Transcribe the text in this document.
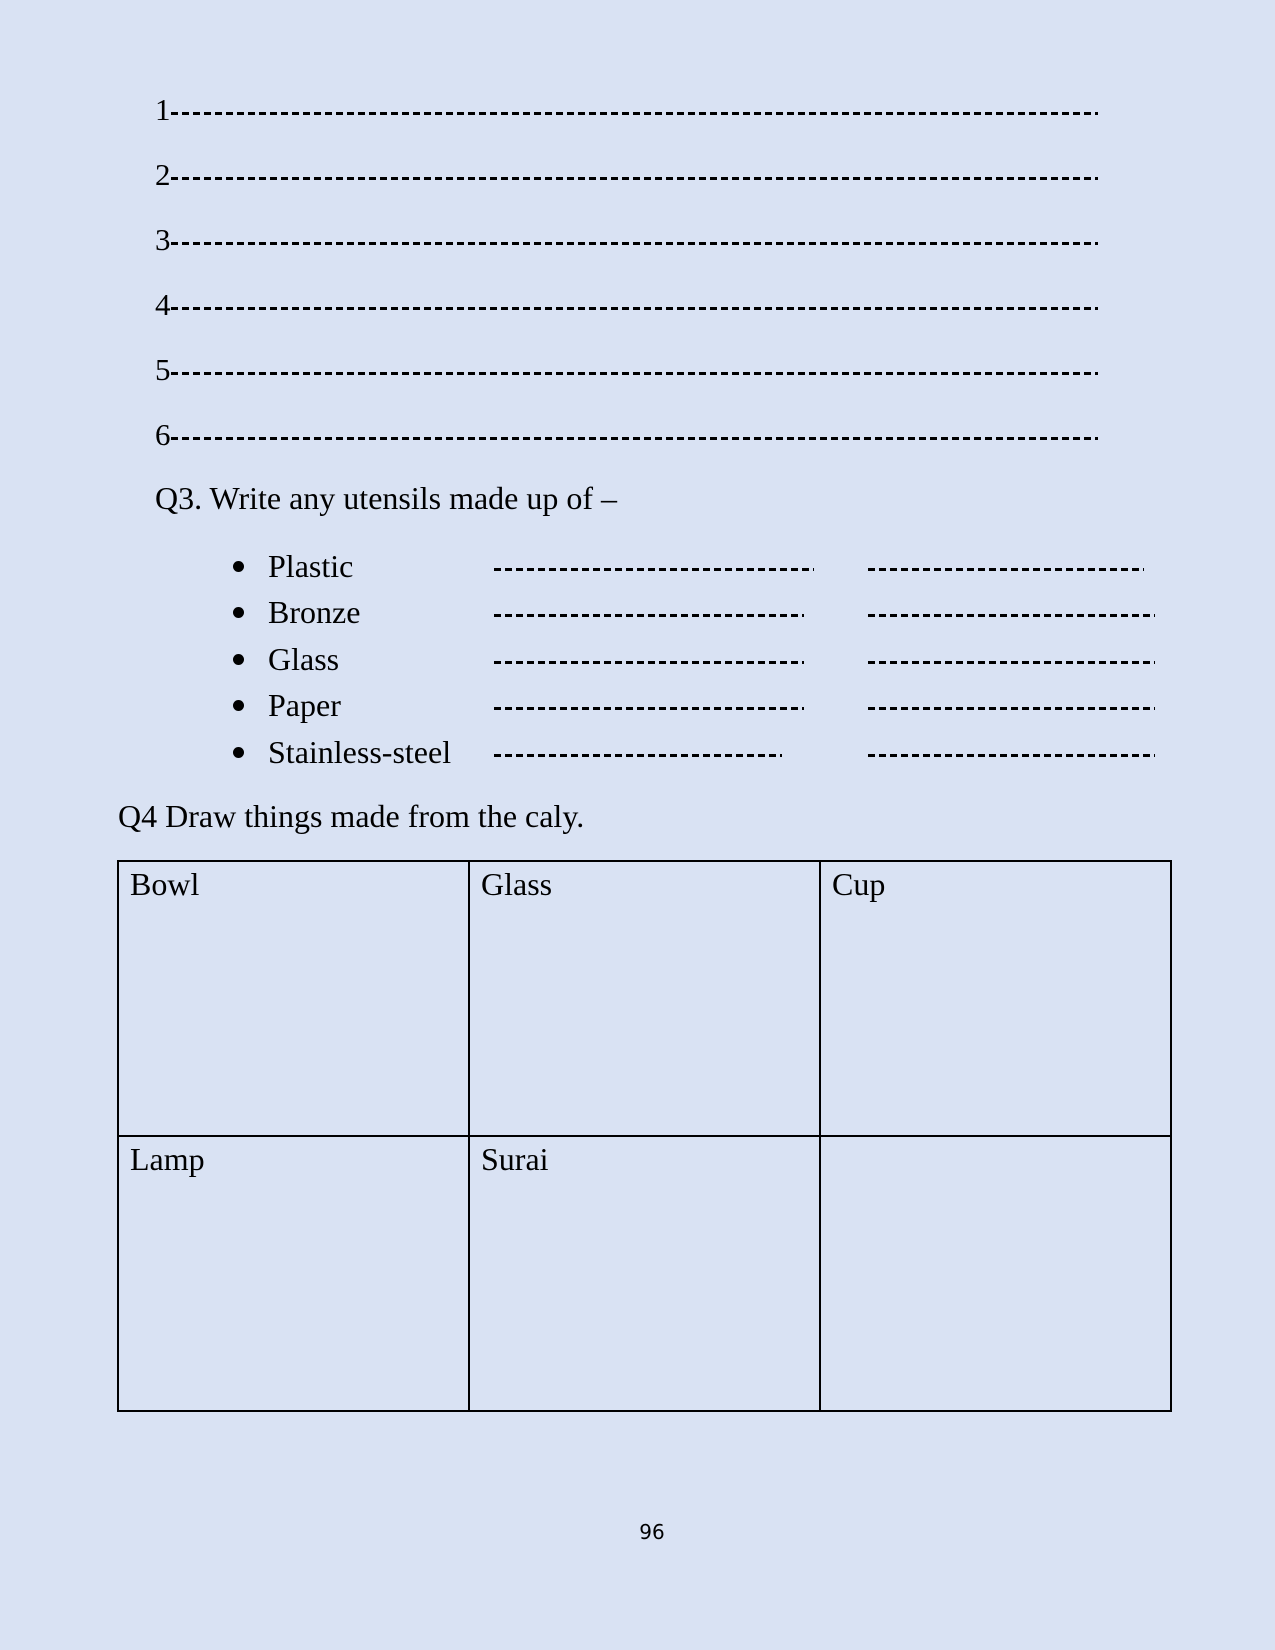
1
2
3
4
5
6
Q3. Write any utensils made up of –
Plastic
Bronze
Glass
Paper
Stainless-steel
Q4 Draw things made from the caly.
Bowl	Glass	Cup

Lamp	Surai	

96
